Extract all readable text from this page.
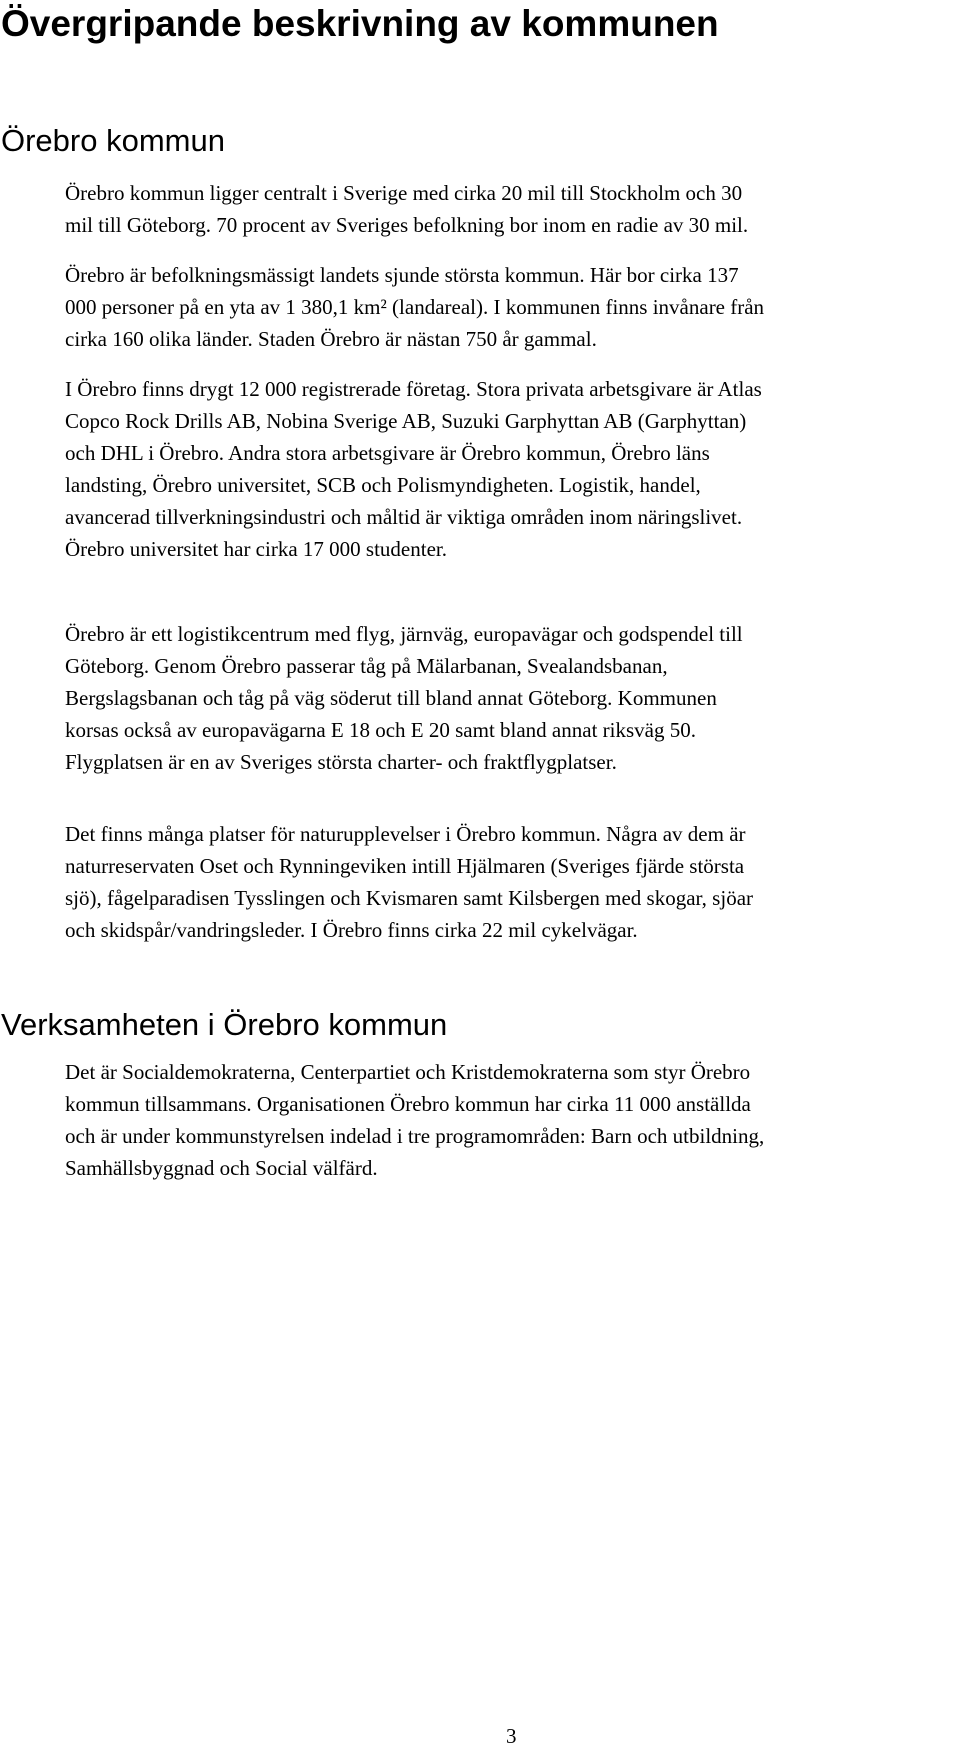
Övergripande beskrivning av kommunen
Örebro kommun

Örebro kommun ligger centralt i Sverige med cirka 20 mil till Stockholm och 30
mil till Göteborg. 70 procent av Sveriges befolkning bor inom en radie av 30 mil.

Örebro är befolkningsmässigt landets sjunde största kommun. Här bor cirka 137
000 personer på en yta av 1 380,1 km² (landareal). I kommunen finns invånare från
cirka 160 olika länder. Staden Örebro är nästan 750 år gammal.

I Örebro finns drygt 12 000 registrerade företag. Stora privata arbetsgivare är Atlas
Copco Rock Drills AB, Nobina Sverige AB, Suzuki Garphyttan AB (Garphyttan)
och DHL i Örebro. Andra stora arbetsgivare är Örebro kommun, Örebro läns
landsting, Örebro universitet, SCB och Polismyndigheten. Logistik, handel,
avancerad tillverkningsindustri och måltid är viktiga områden inom näringslivet.
Örebro universitet har cirka 17 000 studenter.

Örebro är ett logistikcentrum med flyg, järnväg, europavägar och godspendel till
Göteborg. Genom Örebro passerar tåg på Mälarbanan, Svealandsbanan,
Bergslagsbanan och tåg på väg söderut till bland annat Göteborg. Kommunen
korsas också av europavägarna E 18 och E 20 samt bland annat riksväg 50.
Flygplatsen är en av Sveriges största charter- och fraktflygplatser.

Det finns många platser för naturupplevelser i Örebro kommun. Några av dem är
naturreservaten Oset och Rynningeviken intill Hjälmaren (Sveriges fjärde största
sjö), fågelparadisen Tysslingen och Kvismaren samt Kilsbergen med skogar, sjöar
och skidspår/vandringsleder. I Örebro finns cirka 22 mil cykelvägar.

Verksamheten i Örebro kommun

Det är Socialdemokraterna, Centerpartiet och Kristdemokraterna som styr Örebro
kommun tillsammans. Organisationen Örebro kommun har cirka 11 000 anställda
och är under kommunstyrelsen indelad i tre programområden: Barn och utbildning,
Samhällsbyggnad och Social välfärd.

3
